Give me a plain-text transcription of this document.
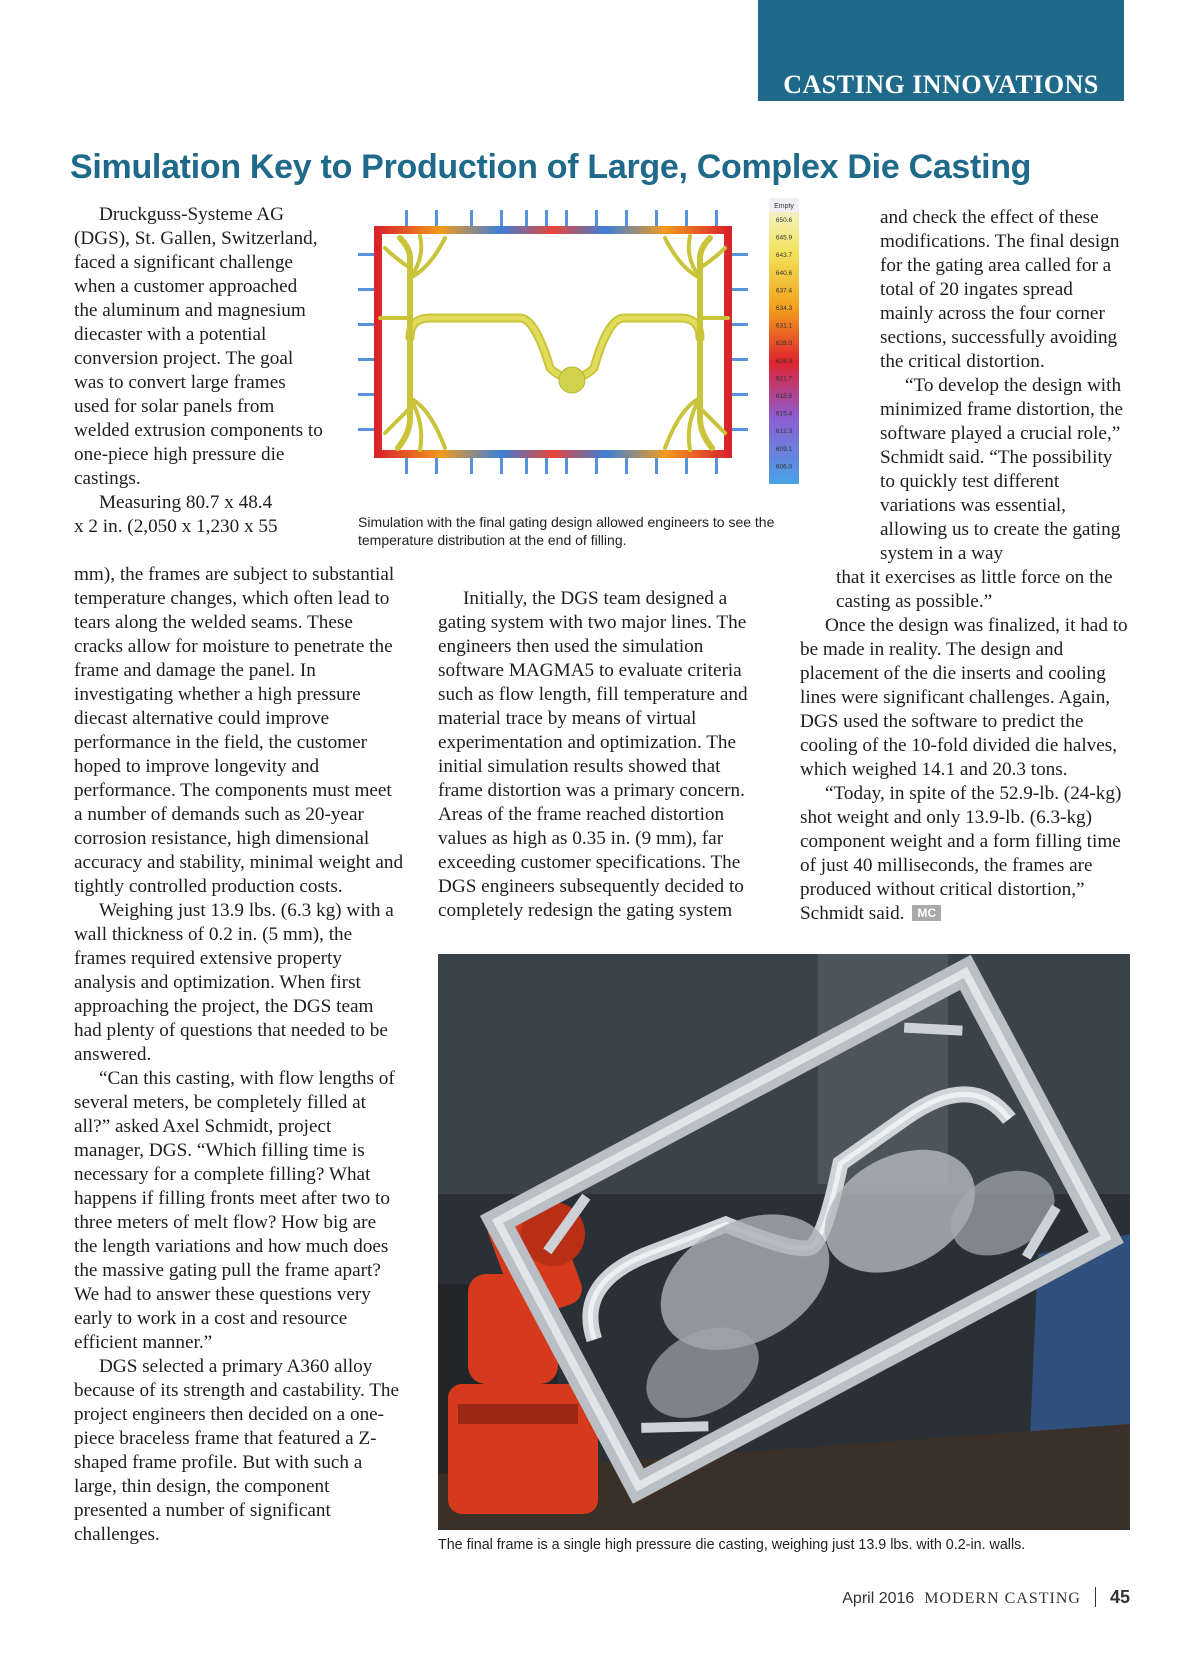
CASTING INNOVATIONS
Simulation Key to Production of Large, Complex Die Casting

Druckguss-Systeme AG (DGS), St. Gallen, Switzerland, faced a significant challenge when a customer approached the aluminum and magnesium diecaster with a potential conversion project. The goal was to convert large frames used for solar panels from welded extrusion components to one-piece high pressure die castings.

Measuring 80.7 x 48.4

x 2 in. (2,050 x 1,230 x 55

mm), the frames are subject to substantial temperature changes, which often lead to tears along the welded seams. These cracks allow for moisture to penetrate the frame and damage the panel. In investigating whether a high pressure diecast alternative could improve performance in the field, the customer hoped to improve longevity and performance. The components must meet a number of demands such as 20-year corrosion resistance, high dimensional accuracy and stability, minimal weight and tightly controlled production costs.

Weighing just 13.9 lbs. (6.3 kg) with a wall thickness of 0.2 in. (5 mm), the frames required extensive property analysis and optimization. When first approaching the project, the DGS team had plenty of questions that needed to be answered.

“Can this casting, with flow lengths of several meters, be completely filled at all?” asked Axel Schmidt, project manager, DGS. “Which filling time is necessary for a complete filling? What happens if filling fronts meet after two to three meters of melt flow? How big are the length variations and how much does the massive gating pull the frame apart? We had to answer these questions very early to work in a cost and resource efficient manner.”

DGS selected a primary A360 alloy because of its strength and castability. The project engineers then decided on a one-piece braceless frame that featured a Z-shaped frame profile. But with such a large, thin design, the component presented a number of significant challenges.

Empty
650.6
645.9
643.7
640.6
637.4
634.3
631.1
628.0
624.9
621.7
618.6
615.4
612.3
609.1
606.0
Simulation with the final gating design allowed engineers to see the temperature distribution at the end of filling.

Initially, the DGS team designed a gating system with two major lines. The engineers then used the simulation software MAGMA5 to evaluate criteria such as flow length, fill temperature and material trace by means of virtual experimentation and optimization. The initial simulation results showed that frame distortion was a primary concern. Areas of the frame reached distortion values as high as 0.35 in. (9 mm), far exceeding customer specifications. The DGS engineers subsequently decided to completely redesign the gating system

and check the effect of these modifications. The final design for the gating area called for a total of 20 ingates spread mainly across the four corner sections, successfully avoiding the critical distortion.

“To develop the design with minimized frame distortion, the software played a crucial role,” Schmidt said. “The possibility to quickly test different variations was essential, allowing us to create the gating system in a way

that it exercises as little force on the casting as possible.”

Once the design was finalized, it had to be made in reality. The design and placement of the die inserts and cooling lines were significant challenges. Again, DGS used the software to predict the cooling of the 10-fold divided die halves, which weighed 14.1 and 20.3 tons.

“Today, in spite of the 52.9-lb. (24-kg) shot weight and only 13.9-lb. (6.3-kg) component weight and a form filling time of just 40 milliseconds, the frames are produced without critical distortion,” Schmidt said. MC

The final frame is a single high pressure die casting, weighing just 13.9 lbs. with 0.2-in. walls.
April 2016 MODERN CASTING 45
